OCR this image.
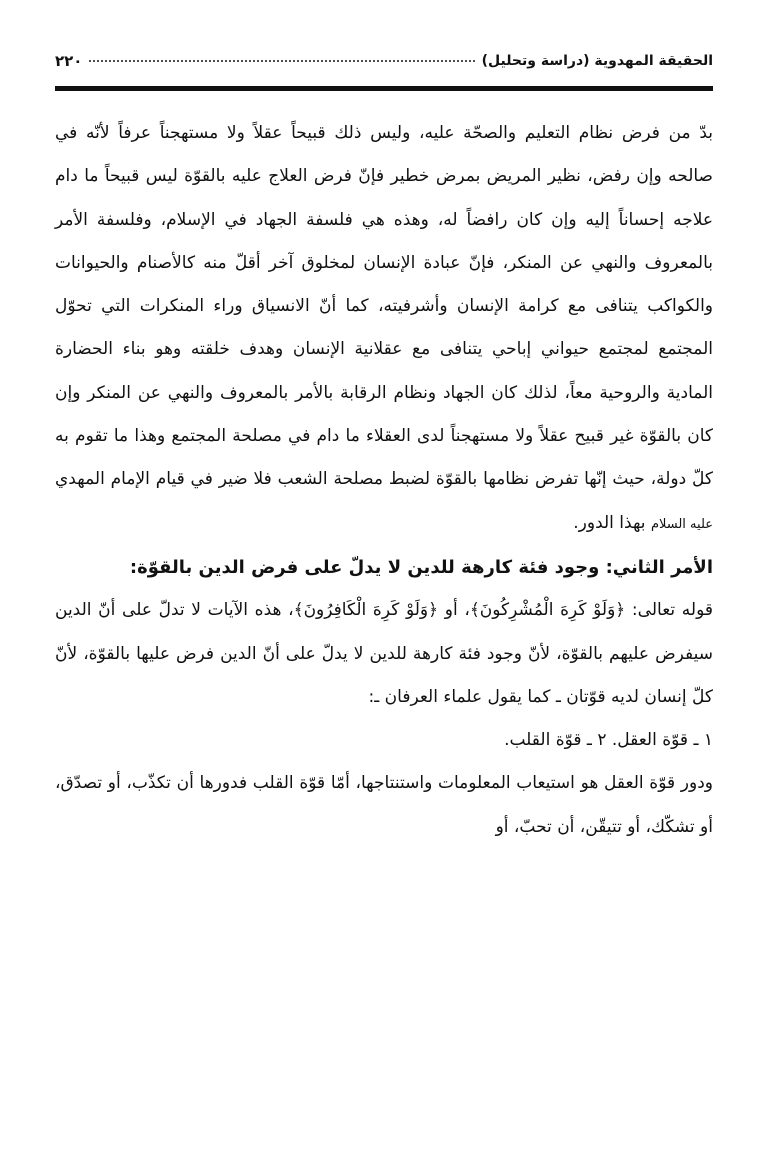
٢٢٠	الحقيقة المهدوية (دراسة وتحليل)

بدّ من فرض نظام التعليم والصحّة عليه، وليس ذلك قبيحاً عقلاً ولا مستهجناً عرفاً لأنّه في صالحه وإن رفض، نظير المريض بمرض خطير فإنّ فرض العلاج عليه بالقوّة ليس قبيحاً ما دام علاجه إحساناً إليه وإن كان رافضاً له، وهذه هي فلسفة الجهاد في الإسلام، وفلسفة الأمر بالمعروف والنهي عن المنكر، فإنّ عبادة الإنسان لمخلوق آخر أقلّ منه كالأصنام والحيوانات والكواكب يتنافى مع كرامة الإنسان وأشرفيته، كما أنّ الانسياق وراء المنكرات التي تحوّل المجتمع لمجتمع حيواني إباحي يتنافى مع عقلانية الإنسان وهدف خلقته وهو بناء الحضارة المادية والروحية معاً، لذلك كان الجهاد ونظام الرقابة بالأمر بالمعروف والنهي عن المنكر وإن كان بالقوّة غير قبيح عقلاً ولا مستهجناً لدى العقلاء ما دام في مصلحة المجتمع وهذا ما تقوم به كلّ دولة، حيث إنّها تفرض نظامها بالقوّة لضبط مصلحة الشعب فلا ضير في قيام الإمام المهدي عليه السلام بهذا الدور.

الأمر الثاني: وجود فئة كارهة للدين لا يدلّ على فرض الدين بالقوّة:

قوله تعالى: ﴿وَلَوْ كَرِهَ الْمُشْرِكُونَ﴾، أو ﴿وَلَوْ كَرِهَ الْكَافِرُونَ﴾، هذه الآيات لا تدلّ على أنّ الدين سيفرض عليهم بالقوّة، لأنّ وجود فئة كارهة للدين لا يدلّ على أنّ الدين فرض عليها بالقوّة، لأنّ كلّ إنسان لديه قوّتان ـ كما يقول علماء العرفان ـ:

١ ـ قوّة العقل. ٢ ـ قوّة القلب.

ودور قوّة العقل هو استيعاب المعلومات واستنتاجها، أمّا قوّة القلب فدورها أن تكذّب، أو تصدّق، أو تشكّك، أو تتيقّن، أن تحبّ، أو
